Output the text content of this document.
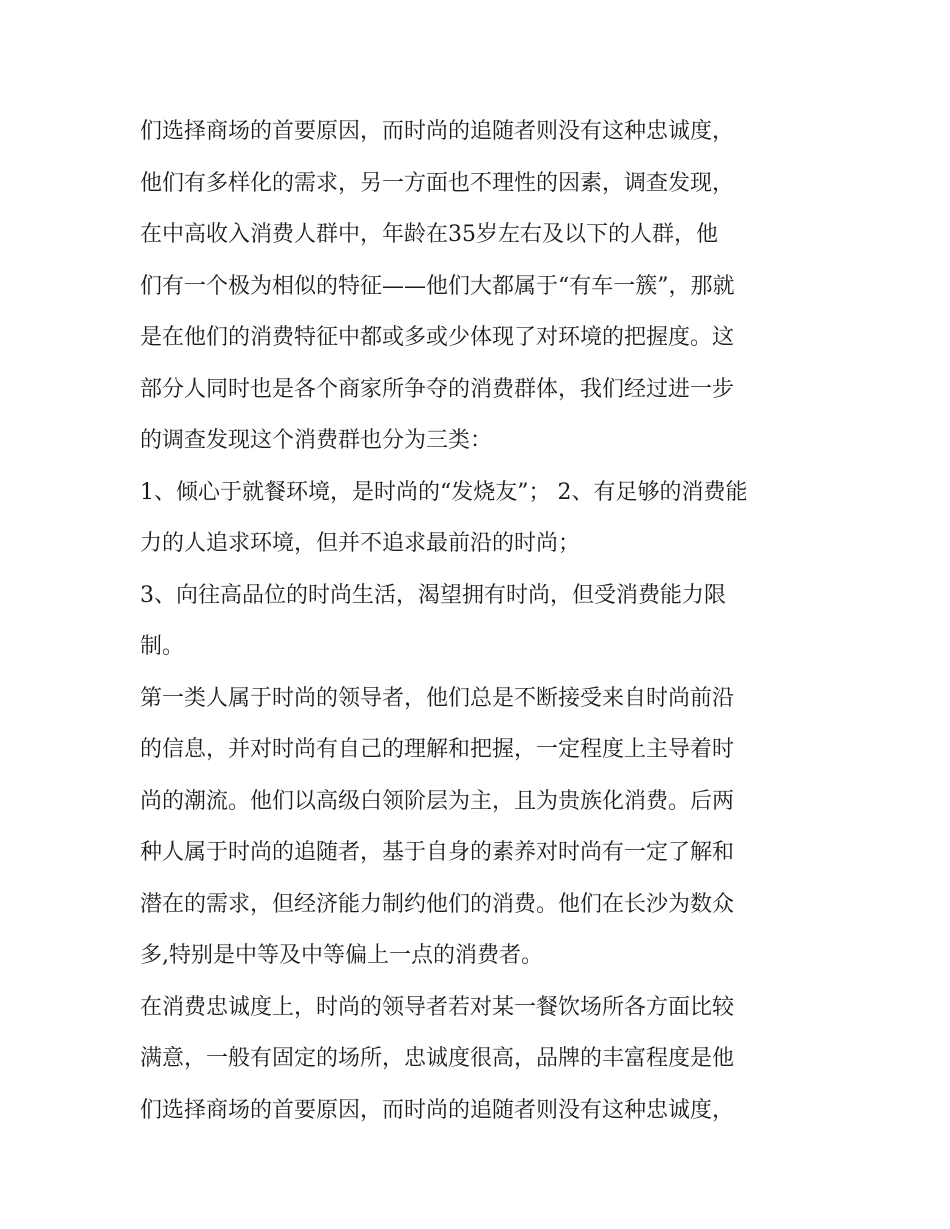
们选择商场的首要原因，而时尚的追随者则没有这种忠诚度，
他们有多样化的需求，另一方面也不理性的因素，调查发现，
在中高收入消费人群中，年龄在35岁左右及以下的人群，他
们有一个极为相似的特征——他们大都属于“有车一簇”，那就
是在他们的消费特征中都或多或少体现了对环境的把握度。这
部分人同时也是各个商家所争夺的消费群体，我们经过进一步
的调查发现这个消费群也分为三类：
1、倾心于就餐环境，是时尚的“发烧友”； 2、有足够的消费能
力的人追求环境，但并不追求最前沿的时尚；
3、向往高品位的时尚生活，渴望拥有时尚，但受消费能力限
制。
第一类人属于时尚的领导者，他们总是不断接受来自时尚前沿
的信息，并对时尚有自己的理解和把握，一定程度上主导着时
尚的潮流。他们以高级白领阶层为主，且为贵族化消费。后两
种人属于时尚的追随者，基于自身的素养对时尚有一定了解和
潜在的需求，但经济能力制约他们的消费。他们在长沙为数众
多,特别是中等及中等偏上一点的消费者。
在消费忠诚度上，时尚的领导者若对某一餐饮场所各方面比较
满意，一般有固定的场所，忠诚度很高，品牌的丰富程度是他
们选择商场的首要原因，而时尚的追随者则没有这种忠诚度，
